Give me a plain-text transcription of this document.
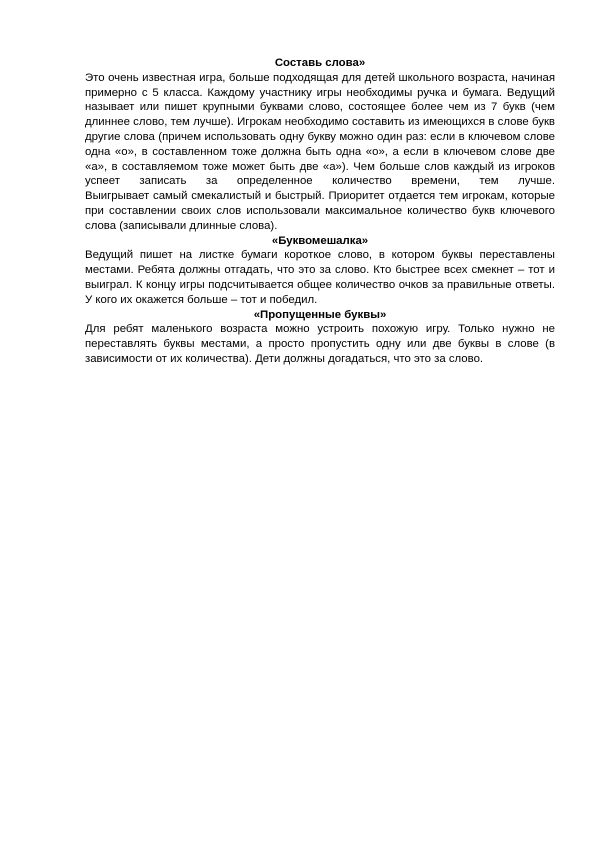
Составь слова»

Это очень известная игра, больше подходящая для детей школьного возраста, начиная примерно с 5 класса. Каждому участнику игры необходимы ручка и бумага. Ведущий называет или пишет крупными буквами слово, состоящее более чем из 7 букв (чем длиннее слово, тем лучше). Игрокам необходимо составить из имеющихся в слове букв другие слова (причем использовать одну букву можно один раз: если в ключевом слове одна «о», в составленном тоже должна быть одна «о», а если в ключевом слове две «а», в составляемом тоже может быть две «а»). Чем больше слов каждый из игроков успеет записать за определенное количество времени, тем лучше.

Выигрывает самый смекалистый и быстрый. Приоритет отдается тем игрокам, которые при составлении своих слов использовали максимальное количество букв ключевого слова (записывали длинные слова).

«Буквомешалка»

Ведущий пишет на листке бумаги короткое слово, в котором буквы переставлены местами. Ребята должны отгадать, что это за слово. Кто быстрее всех смекнет – тот и выиграл. К концу игры подсчитывается общее количество очков за правильные ответы. У кого их окажется больше – тот и победил.

«Пропущенные буквы»

Для ребят маленького возраста можно устроить похожую игру. Только нужно не переставлять буквы местами, а просто пропустить одну или две буквы в слове (в зависимости от их количества). Дети должны догадаться, что это за слово.
